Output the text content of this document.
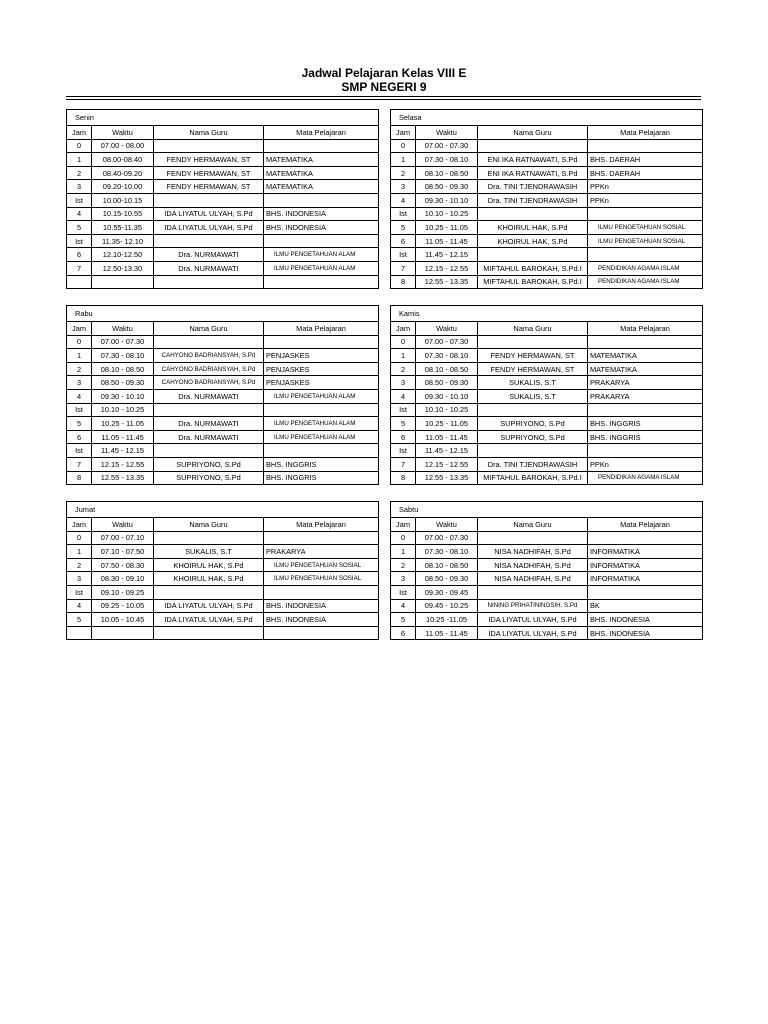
Jadwal Pelajaran Kelas VIII E
SMP NEGERI 9
Senin			
Jam	Waktu	Nama Guru	Mata Pelajaran
0	07.00 - 08.00		
1	08.00-08.40	FENDY HERMAWAN, ST	MATEMATIKA
2	08.40-09.20	FENDY HERMAWAN, ST	MATEMATIKA
3	09.20-10.00	FENDY HERMAWAN, ST	MATEMATIKA
Ist	10.00-10.15		
4	10.15-10.55	IDA LIYATUL ULYAH, S.Pd	BHS. INDONESIA
5	10.55-11.35	IDA LIYATUL ULYAH, S.Pd	BHS. INDONESIA
Ist	11.35- 12.10		
6	12.10-12.50	Dra. NURMAWATI	ILMU PENGETAHUAN ALAM
7	12.50-13.30	Dra. NURMAWATI	ILMU PENGETAHUAN ALAM

Selasa			
Jam	Waktu	Nama Guru	Mata Pelajaran
0	07.00 - 07.30		
1	07.30 - 08.10	ENI IKA RATNAWATI, S.Pd	BHS. DAERAH
2	08.10 - 08.50	ENI IKA RATNAWATI, S.Pd	BHS. DAERAH
3	08.50 - 09.30	Dra. TINI TJENDRAWASIH	PPKn
4	09.30 - 10.10	Dra. TINI TJENDRAWASIH	PPKn
Ist	10.10 - 10.25		
5	10.25 - 11.05	KHOIRUL HAK, S.Pd	ILMU PENGETAHUAN SOSIAL
6	11.05 - 11.45	KHOIRUL HAK, S.Pd	ILMU PENGETAHUAN SOSIAL
Ist	11.45 - 12.15		
7	12.15 - 12.55	MIFTAHUL BAROKAH, S.Pd.I	PENDIDIKAN AGAMA ISLAM
8	12.55 - 13.35	MIFTAHUL BAROKAH, S.Pd.I	PENDIDIKAN AGAMA ISLAM
Rabu			
Jam	Waktu	Nama Guru	Mata Pelajaran
0	07.00 - 07.30		
1	07.30 - 08.10	CAHYONO BADRIANSYAH, S.Pd	PENJASKES
2	08.10 - 08.50	CAHYONO BADRIANSYAH, S.Pd	PENJASKES
3	08.50 - 09.30	CAHYONO BADRIANSYAH, S.Pd	PENJASKES
4	09.30 - 10.10	Dra. NURMAWATI	ILMU PENGETAHUAN ALAM
Ist	10.10 - 10.25		
5	10.25 - 11.05	Dra. NURMAWATI	ILMU PENGETAHUAN ALAM
6	11.05 - 11.45	Dra. NURMAWATI	ILMU PENGETAHUAN ALAM
Ist	11.45 - 12.15		
7	12.15 - 12.55	SUPRIYONO, S.Pd	BHS. INGGRIS
8	12.55 - 13.35	SUPRIYONO, S.Pd	BHS. INGGRIS
Kamis			
Jam	Waktu	Nama Guru	Mata Pelajaran
0	07.00 - 07.30		
1	07.30 - 08.10	FENDY HERMAWAN, ST	MATEMATIKA
2	08.10 - 08.50	FENDY HERMAWAN, ST	MATEMATIKA
3	08.50 - 09.30	SUKALIS, S.T	PRAKARYA
4	09.30 - 10.10	SUKALIS, S.T	PRAKARYA
Ist	10.10 - 10.25		
5	10.25 - 11.05	SUPRIYONO, S.Pd	BHS. INGGRIS
6	11.05 - 11.45	SUPRIYONO, S.Pd	BHS. INGGRIS
Ist	11.45 - 12.15		
7	12.15 - 12.55	Dra. TINI TJENDRAWASIH	PPKn
8	12.55 - 13.35	MIFTAHUL BAROKAH, S.Pd.I	PENDIDIKAN AGAMA ISLAM
Jumat			
Jam	Waktu	Nama Guru	Mata Pelajaran
0	07.00 - 07.10		
1	07.10 - 07.50	SUKALIS, S.T	PRAKARYA
2	07.50 - 08.30	KHOIRUL HAK, S.Pd	ILMU PENGETAHUAN SOSIAL
3	08.30 - 09.10	KHOIRUL HAK, S.Pd	ILMU PENGETAHUAN SOSIAL
Ist	09.10 - 09.25		
4	09.25 - 10.05	IDA LIYATUL ULYAH, S.Pd	BHS. INDONESIA
5	10.05 - 10.45	IDA LIYATUL ULYAH, S.Pd	BHS. INDONESIA

Sabtu			
Jam	Waktu	Nama Guru	Mata Pelajaran
0	07.00 - 07.30		
1	07.30 - 08.10	NISA NADHIFAH, S.Pd	INFORMATIKA
2	08.10 - 08.50	NISA NADHIFAH, S.Pd	INFORMATIKA
3	08.50 - 09.30	NISA NADHIFAH, S.Pd	INFORMATIKA
Ist	09.30 - 09.45		
4	09.45 - 10.25	NINING PRIHATININGSIH, S.Pd	BK
5	10.25 -11.05	IDA LIYATUL ULYAH, S.Pd	BHS. INDONESIA
6	11.05 - 11.45	IDA LIYATUL ULYAH, S.Pd	BHS. INDONESIA
